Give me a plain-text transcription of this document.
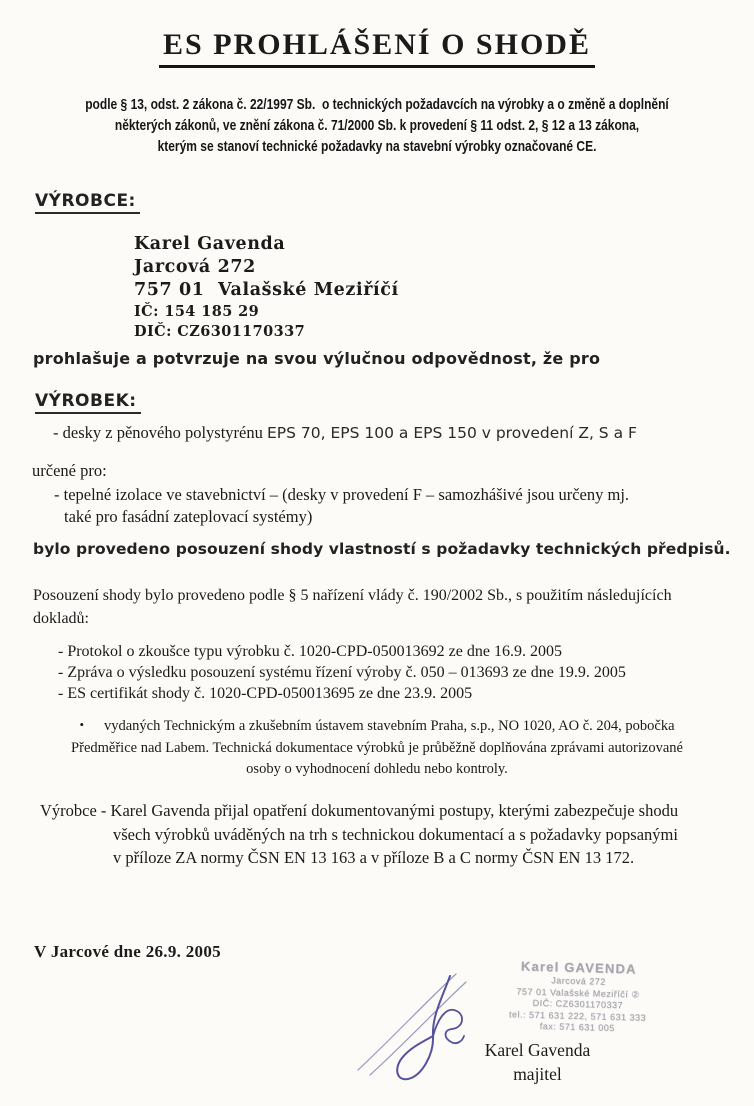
ES PROHLÁŠENÍ O SHODĚ
podle § 13, odst. 2 zákona č. 22/1997 Sb.  o technických požadavcích na výrobky a o změně a doplnění
některých zákonů, ve znění zákona č. 71/2000 Sb. k provedení § 11 odst. 2, § 12 a 13 zákona,
kterým se stanoví technické požadavky na stavební výrobky označované CE.
VÝROBCE:
Karel Gavenda
Jarcová 272
757 01  Valašské Meziříčí
IČ: 154 185 29
DIČ: CZ6301170337
prohlašuje a potvrzuje na svou výlučnou odpovědnost, že pro
VÝROBEK:
- desky z pěnového polystyrénu EPS 70, EPS 100 a EPS 150 v provedení Z, S a F
určené pro:
- tepelné izolace ve stavebnictví – (desky v provedení F – samozhášivé jsou určeny mj.
také pro fasádní zateplovací systémy)
bylo provedeno posouzení shody vlastností s požadavky technických předpisů.
Posouzení shody bylo provedeno podle § 5 nařízení vlády č. 190/2002 Sb., s použitím následujících
dokladů:
- Protokol o zkoušce typu výrobku č. 1020-CPD-050013692 ze dne 16.9. 2005
- Zpráva o výsledku posouzení systému řízení výroby č. 050 – 013693 ze dne 19.9. 2005
- ES certifikát shody č. 1020-CPD-050013695 ze dne 23.9. 2005
• vydaných Technickým a zkušebním ústavem stavebním Praha, s.p., NO 1020, AO č. 204, pobočka
Předměřice nad Labem. Technická dokumentace výrobků je průběžně doplňována zprávami autorizované
osoby o vyhodnocení dohledu nebo kontroly.
Výrobce - Karel Gavenda přijal opatření dokumentovanými postupy, kterými zabezpečuje shodu
všech výrobků uváděných na trh s technickou dokumentací a s požadavky popsanými
v příloze ZA normy ČSN EN 13 163 a v příloze B a C normy ČSN EN 13 172.
V Jarcové dne 26.9. 2005
Karel GAVENDA
Jarcová 272
757 01 Valašské Meziříčí ②
DIČ: CZ6301170337
tel.: 571 631 222, 571 631 333
fax: 571 631 005
Karel Gavenda
majitel
